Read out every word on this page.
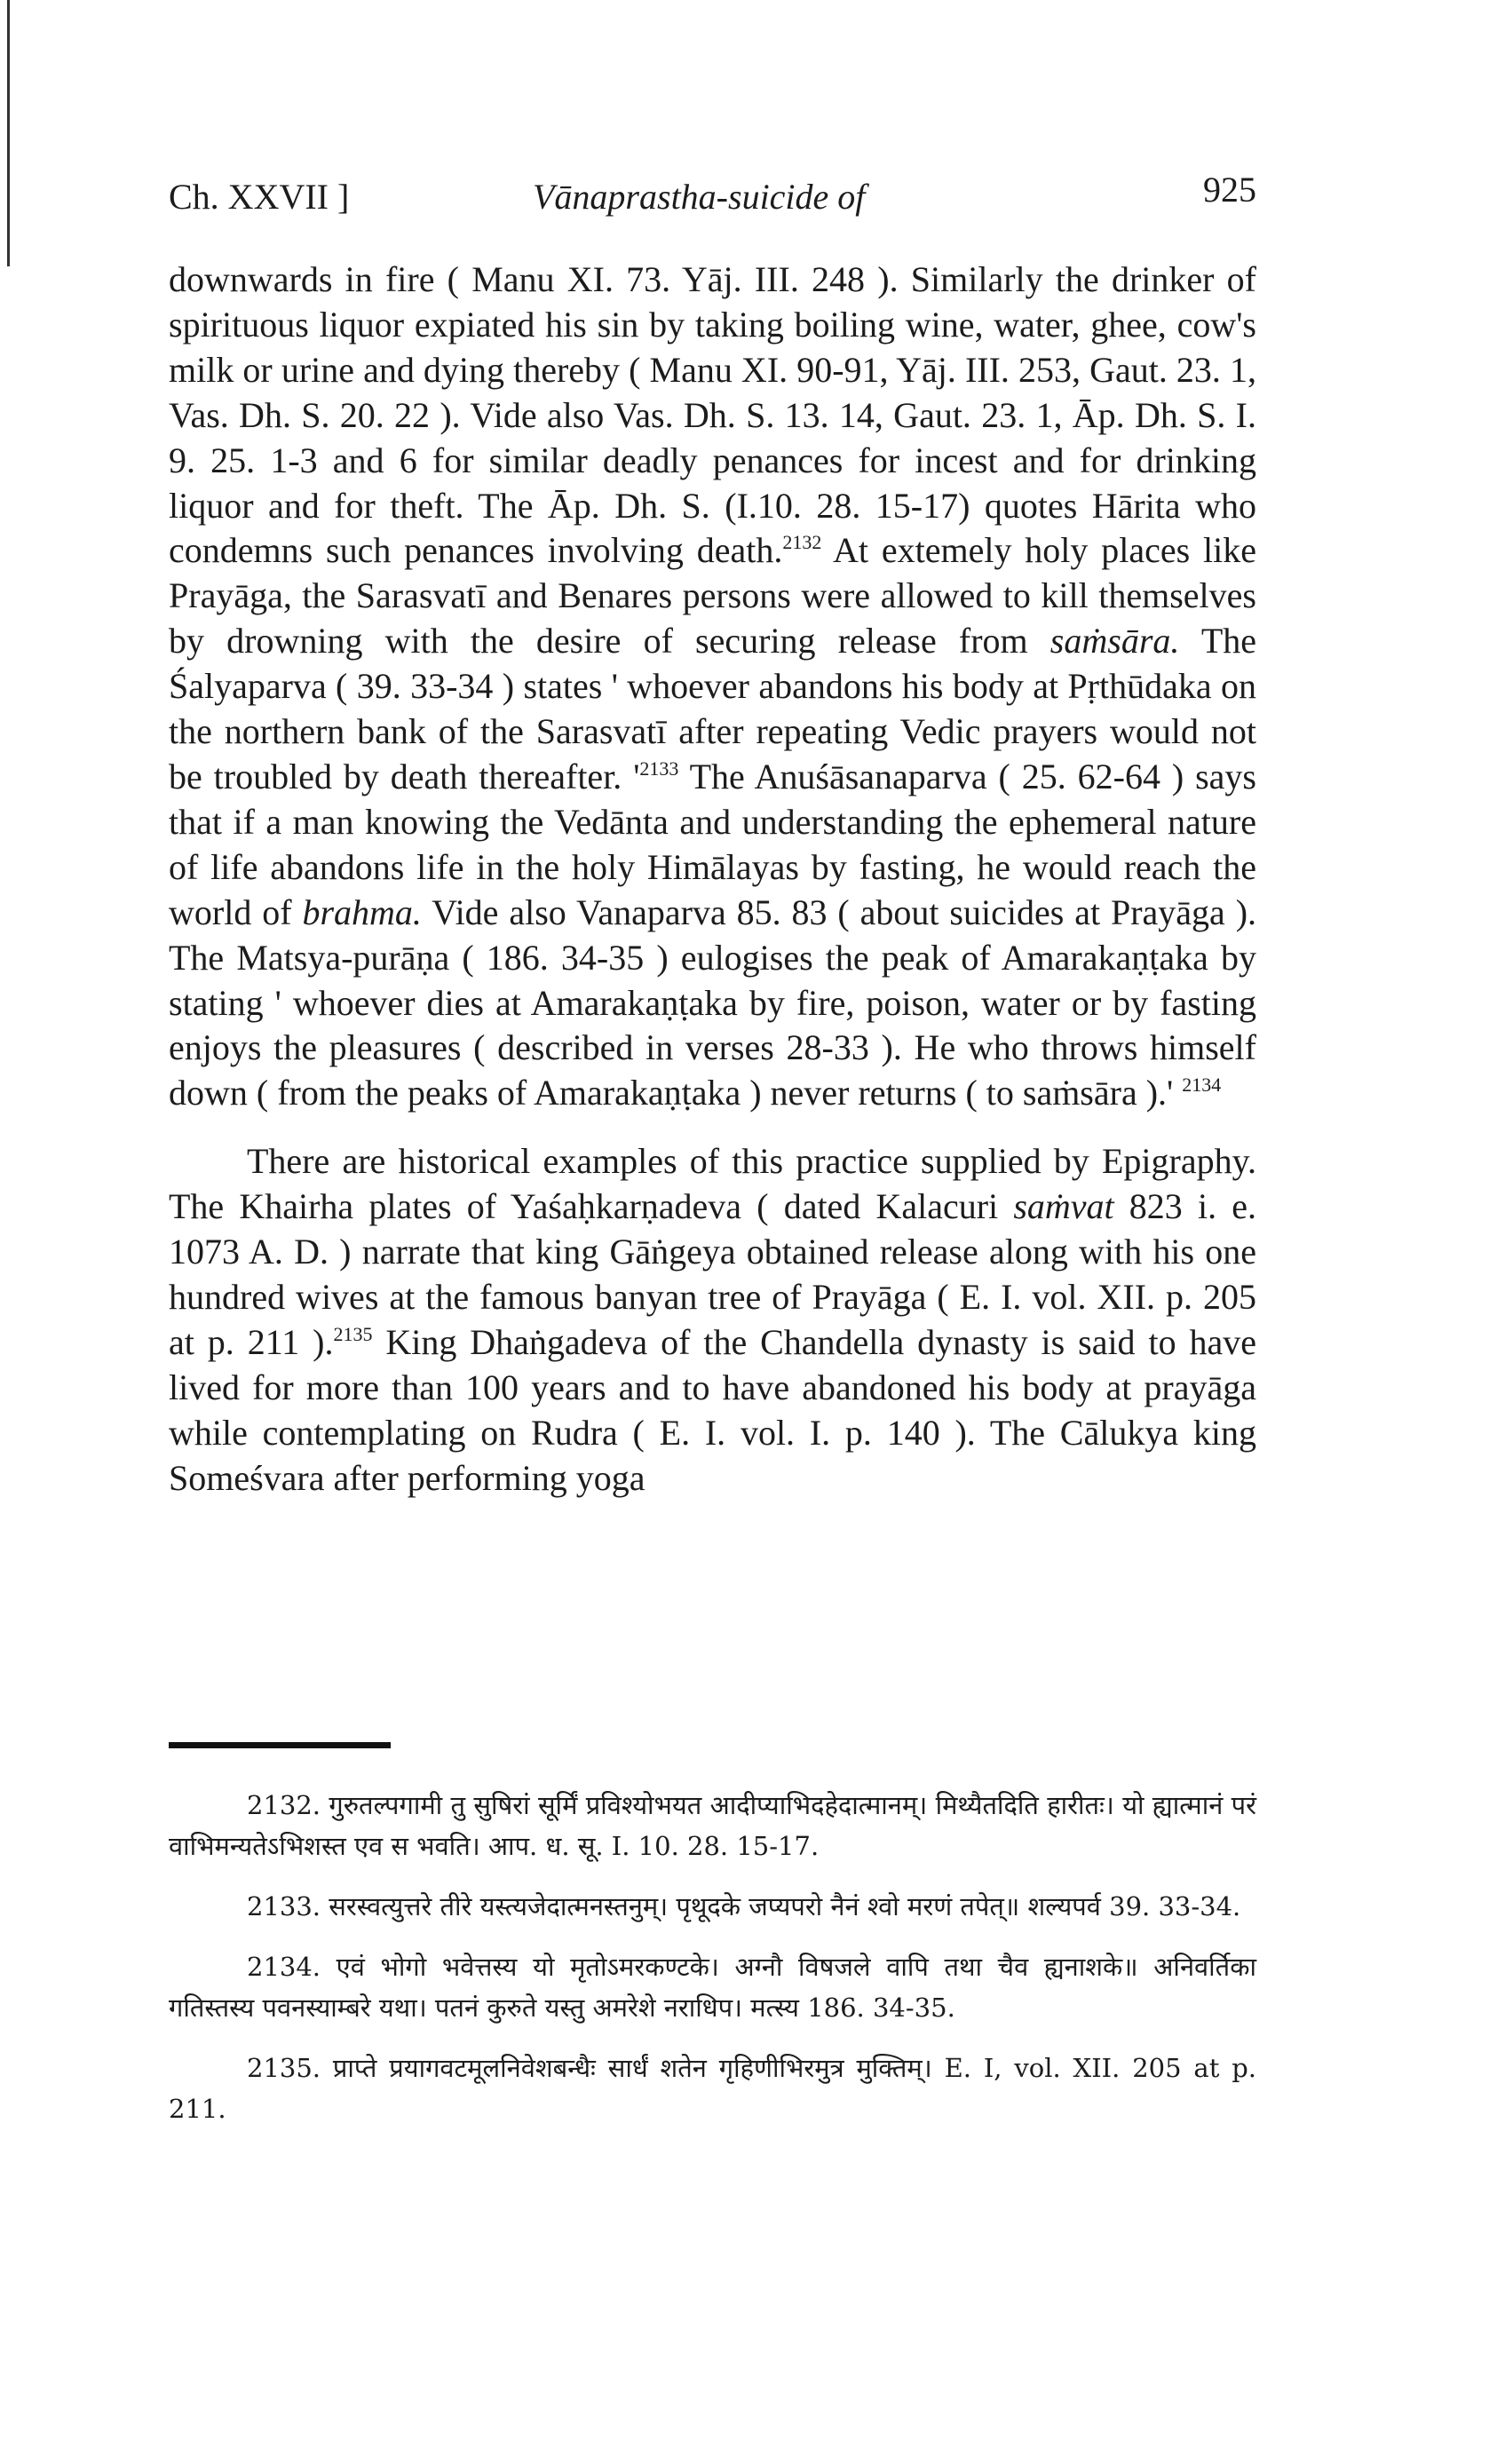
Ch. XXVII ]	Vānaprastha-suicide of	925

downwards in fire ( Manu XI. 73. Yāj. III. 248 ). Similarly the drinker of spirituous liquor expiated his sin by taking boiling wine, water, ghee, cow's milk or urine and dying thereby ( Manu XI. 90-91, Yāj. III. 253, Gaut. 23. 1, Vas. Dh. S. 20. 22 ). Vide also Vas. Dh. S. 13. 14, Gaut. 23. 1, Āp. Dh. S. I. 9. 25. 1-3 and 6 for similar deadly penances for incest and for drinking liquor and for theft. The Āp. Dh. S. (I.10. 28. 15-17) quotes Hārita who condemns such penances involving death.$^{2132}$ At extemely holy places like Prayāga, the Sarasvatī and Benares persons were allowed to kill themselves by drowning with the desire of securing release from saṁsāra. The Śalyaparva ( 39. 33-34 ) states ' whoever abandons his body at Pṛthūdaka on the northern bank of the Sarasvatī after repeating Vedic prayers would not be troubled by death thereafter. '$^{2133}$ The Anuśāsanaparva ( 25. 62-64 ) says that if a man knowing the Vedānta and understanding the ephemeral nature of life abandons life in the holy Himālayas by fasting, he would reach the world of brahma. Vide also Vanaparva 85. 83 ( about suicides at Prayāga ). The Matsya-purāṇa ( 186. 34-35 ) eulogises the peak of Amarakaṇṭaka by stating ' whoever dies at Amarakaṇṭaka by fire, poison, water or by fasting enjoys the pleasures ( described in verses 28-33 ). He who throws himself down ( from the peaks of Amarakaṇṭaka ) never returns ( to saṁsāra ).' $^{2134}$

There are historical examples of this practice supplied by Epigraphy. The Khairha plates of Yaśaḥkarṇadeva ( dated Kalacuri saṁvat 823 i. e. 1073 A. D. ) narrate that king Gāṅgeya obtained release along with his one hundred wives at the famous banyan tree of Prayāga ( E. I. vol. XII. p. 205 at p. 211 ).$^{2135}$ King Dhaṅgadeva of the Chandella dynasty is said to have lived for more than 100 years and to have abandoned his body at prayāga while contemplating on Rudra ( E. I. vol. I. p. 140 ). The Cālukya king Someśvara after performing yoga

2132. गुरुतल्पगामी तु सुषिरां सूर्मिं प्रविश्योभयत आदीप्याभिदहेदात्मानम्। मिथ्यैतदिति हारीतः। यो ह्यात्मानं परं वाभिमन्यतेऽभिशस्त एव स भवति। आप. ध. सू. I. 10. 28. 15-17.

2133. सरस्वत्युत्तरे तीरे यस्त्यजेदात्मनस्तनुम्। पृथूदके जप्यपरो नैनं श्वो मरणं तपेत्॥ शल्यपर्व 39. 33-34.

2134. एवं भोगो भवेत्तस्य यो मृतोऽमरकण्टके। अग्नौ विषजले वापि तथा चैव ह्यनाशके॥ अनिवर्तिका गतिस्तस्य पवनस्याम्बरे यथा। पतनं कुरुते यस्तु अमरेशे नराधिप। मत्स्य 186. 34-35.

2135. प्राप्ते प्रयागवटमूलनिवेशबन्धैः सार्धं शतेन गृहिणीभिरमुत्र मुक्तिम्। E. I, vol. XII. 205 at p. 211.
